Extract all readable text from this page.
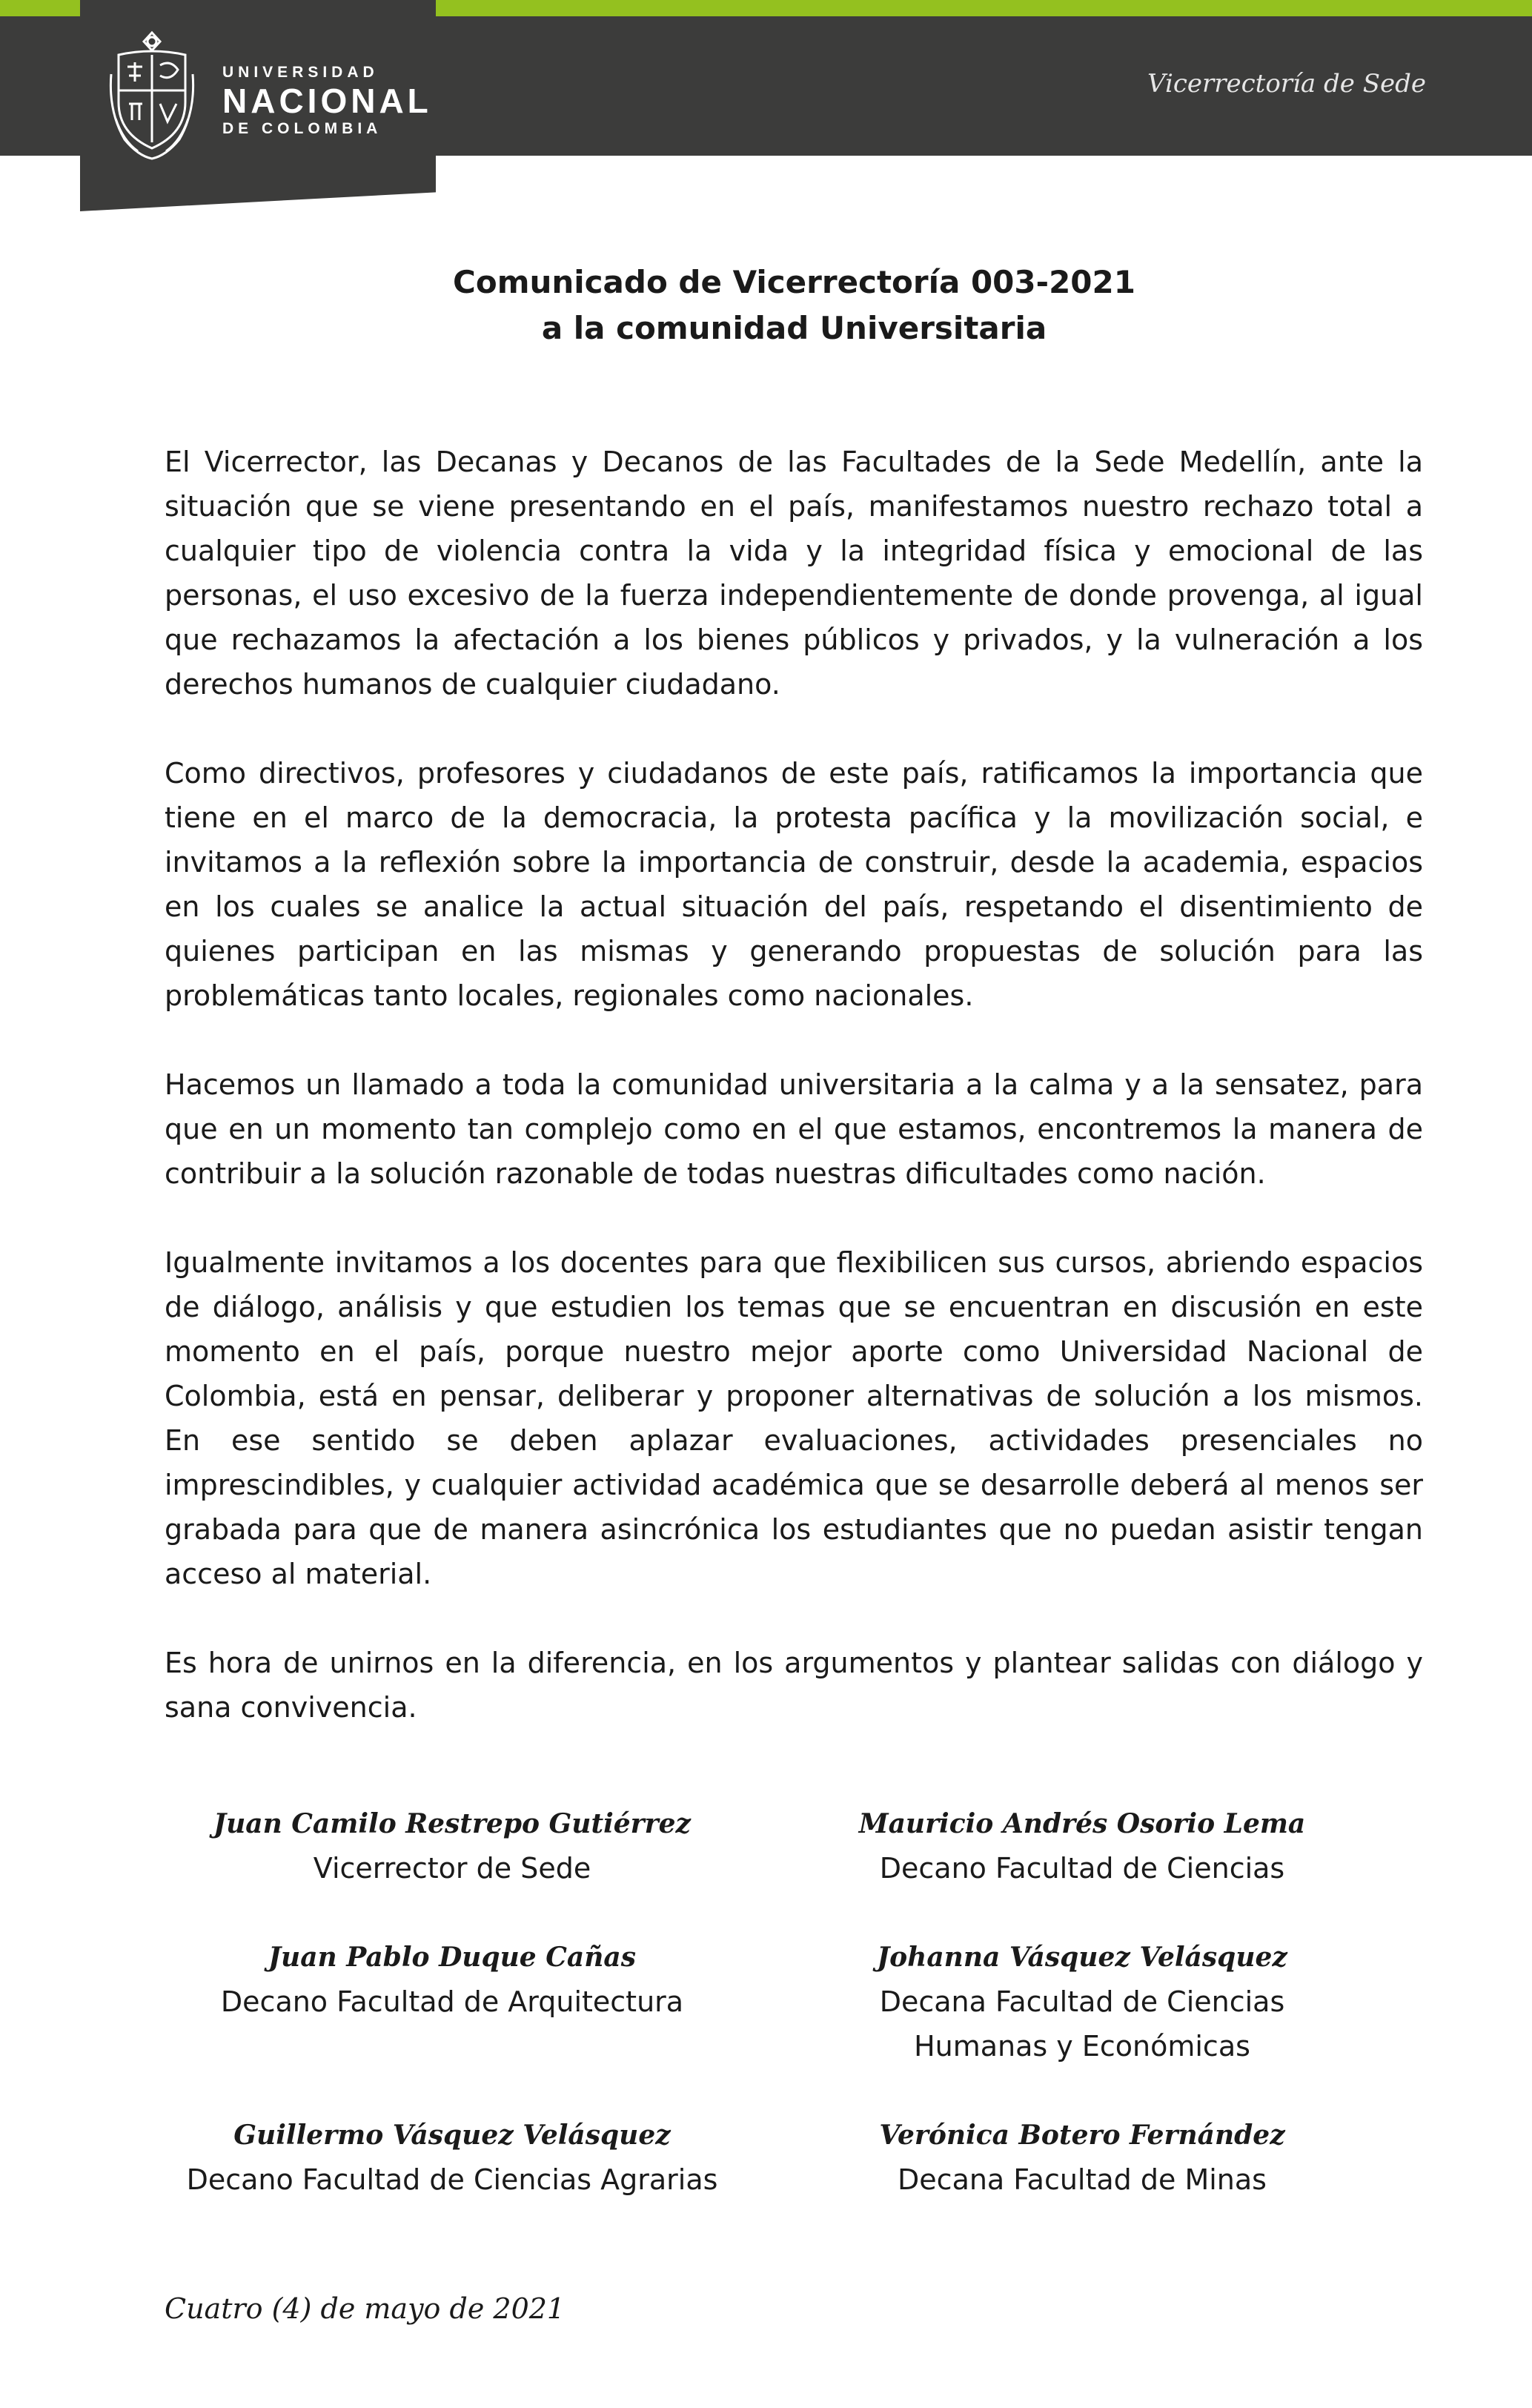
UNIVERSIDAD
NACIONAL
DE COLOMBIA
Vicerrectoría de Sede
Comunicado de Vicerrectoría 003-2021
a la comunidad Universitaria

El Vicerrector, las Decanas y Decanos de las Facultades de la Sede Medellín, ante la situación que se viene presentando en el país, manifestamos nuestro rechazo total a cualquier tipo de violencia contra la vida y la integridad física y emocional de las personas, el uso excesivo de la fuerza independientemente de donde provenga, al igual que rechazamos la afectación a los bienes públicos y privados, y la vulneración a los derechos humanos de cualquier ciudadano.

Como directivos, profesores y ciudadanos de este país, ratificamos la importancia que tiene en el marco de la democracia, la protesta pacífica y la movilización social, e invitamos a la reflexión sobre la importancia de construir, desde la academia, espacios en los cuales se analice la actual situación del país, respetando el disentimiento de quienes participan en las mismas y generando propuestas de solución para las problemáticas tanto locales, regionales como nacionales.

Hacemos un llamado a toda la comunidad universitaria a la calma y a la sensatez, para que en un momento tan complejo como en el que estamos, encontremos la manera de contribuir a la solución razonable de todas nuestras dificultades como nación.

Igualmente invitamos a los docentes para que flexibilicen sus cursos, abriendo espacios de diálogo, análisis y que estudien los temas que se encuentran en discusión en este momento en el país, porque nuestro mejor aporte como Universidad Nacional de Colombia, está en pensar, deliberar y proponer alternativas de solución a los mismos. En ese sentido se deben aplazar evaluaciones, actividades presenciales no imprescindibles, y cualquier actividad académica que se desarrolle deberá al menos ser grabada para que de manera asincrónica los estudiantes que no puedan asistir tengan acceso al material.

Es hora de unirnos en la diferencia, en los argumentos y plantear salidas con diálogo y sana convivencia.

Juan Camilo Restrepo Gutiérrez
Vicerrector de Sede
Mauricio Andrés Osorio Lema
Decano Facultad de Ciencias
Juan Pablo Duque Cañas
Decano Facultad de Arquitectura
Johanna Vásquez Velásquez
Decana Facultad de Ciencias Humanas y Económicas
Guillermo Vásquez Velásquez
Decano Facultad de Ciencias Agrarias
Verónica Botero Fernández
Decana Facultad de Minas
Cuatro (4) de mayo de 2021
